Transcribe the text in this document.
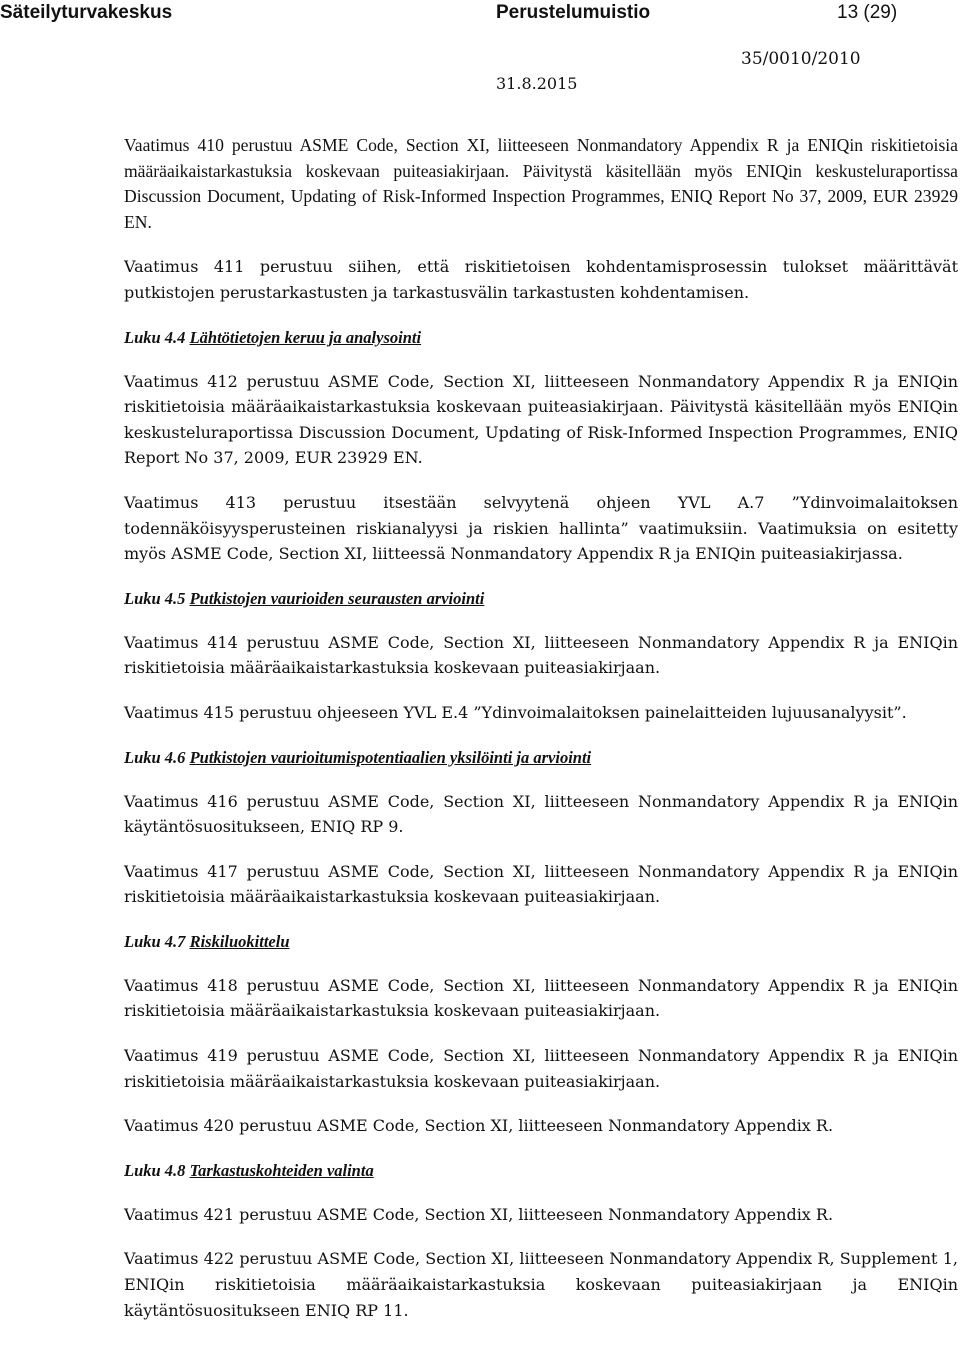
Säteilyturvakeskus	Perustelumuistio	13 (29)
35/0010/2010
31.8.2015

Vaatimus 410 perustuu ASME Code, Section XI, liitteeseen Nonmandatory Appendix R ja ENIQin riskitietoisia määräaikaistarkastuksia koskevaan puiteasiakirjaan. Päivitystä käsitellään myös ENIQin keskusteluraportissa Discussion Document, Updating of Risk-Informed Inspection Programmes, ENIQ Report No 37, 2009, EUR 23929 EN.

Vaatimus 411 perustuu siihen, että riskitietoisen kohdentamisprosessin tulokset määrittävät putkistojen perustarkastusten ja tarkastusvälin tarkastusten kohdentamisen.

Luku 4.4 Lähtötietojen keruu ja analysointi

Vaatimus 412 perustuu ASME Code, Section XI, liitteeseen Nonmandatory Appendix R ja ENIQin riskitietoisia määräaikaistarkastuksia koskevaan puiteasiakirjaan. Päivitystä käsitellään myös ENIQin keskusteluraportissa Discussion Document, Updating of Risk-Informed Inspection Programmes, ENIQ Report No 37, 2009, EUR 23929 EN.

Vaatimus 413 perustuu itsestään selvyytenä ohjeen YVL A.7 ”Ydinvoimalaitoksen todennäköisyysperusteinen riskianalyysi ja riskien hallinta” vaatimuksiin. Vaatimuksia on esitetty myös ASME Code, Section XI, liitteessä Nonmandatory Appendix R ja ENIQin puiteasiakirjassa.

Luku 4.5 Putkistojen vaurioiden seurausten arviointi

Vaatimus 414 perustuu ASME Code, Section XI, liitteeseen Nonmandatory Appendix R ja ENIQin riskitietoisia määräaikaistarkastuksia koskevaan puiteasiakirjaan.

Vaatimus 415 perustuu ohjeeseen YVL E.4 ”Ydinvoimalaitoksen painelaitteiden lujuusanalyysit”.

Luku 4.6 Putkistojen vaurioitumispotentiaalien yksilöinti ja arviointi

Vaatimus 416 perustuu ASME Code, Section XI, liitteeseen Nonmandatory Appendix R ja ENIQin käytäntösuositukseen, ENIQ RP 9.

Vaatimus 417 perustuu ASME Code, Section XI, liitteeseen Nonmandatory Appendix R ja ENIQin riskitietoisia määräaikaistarkastuksia koskevaan puiteasiakirjaan.

Luku 4.7 Riskiluokittelu

Vaatimus 418 perustuu ASME Code, Section XI, liitteeseen Nonmandatory Appendix R ja ENIQin riskitietoisia määräaikaistarkastuksia koskevaan puiteasiakirjaan.

Vaatimus 419 perustuu ASME Code, Section XI, liitteeseen Nonmandatory Appendix R ja ENIQin riskitietoisia määräaikaistarkastuksia koskevaan puiteasiakirjaan.

Vaatimus 420 perustuu ASME Code, Section XI, liitteeseen Nonmandatory Appendix R.

Luku 4.8 Tarkastuskohteiden valinta

Vaatimus 421 perustuu ASME Code, Section XI, liitteeseen Nonmandatory Appendix R.

Vaatimus 422 perustuu ASME Code, Section XI, liitteeseen Nonmandatory Appendix R, Supplement 1, ENIQin riskitietoisia määräaikaistarkastuksia koskevaan puiteasiakirjaan ja ENIQin käytäntösuositukseen ENIQ RP 11.
